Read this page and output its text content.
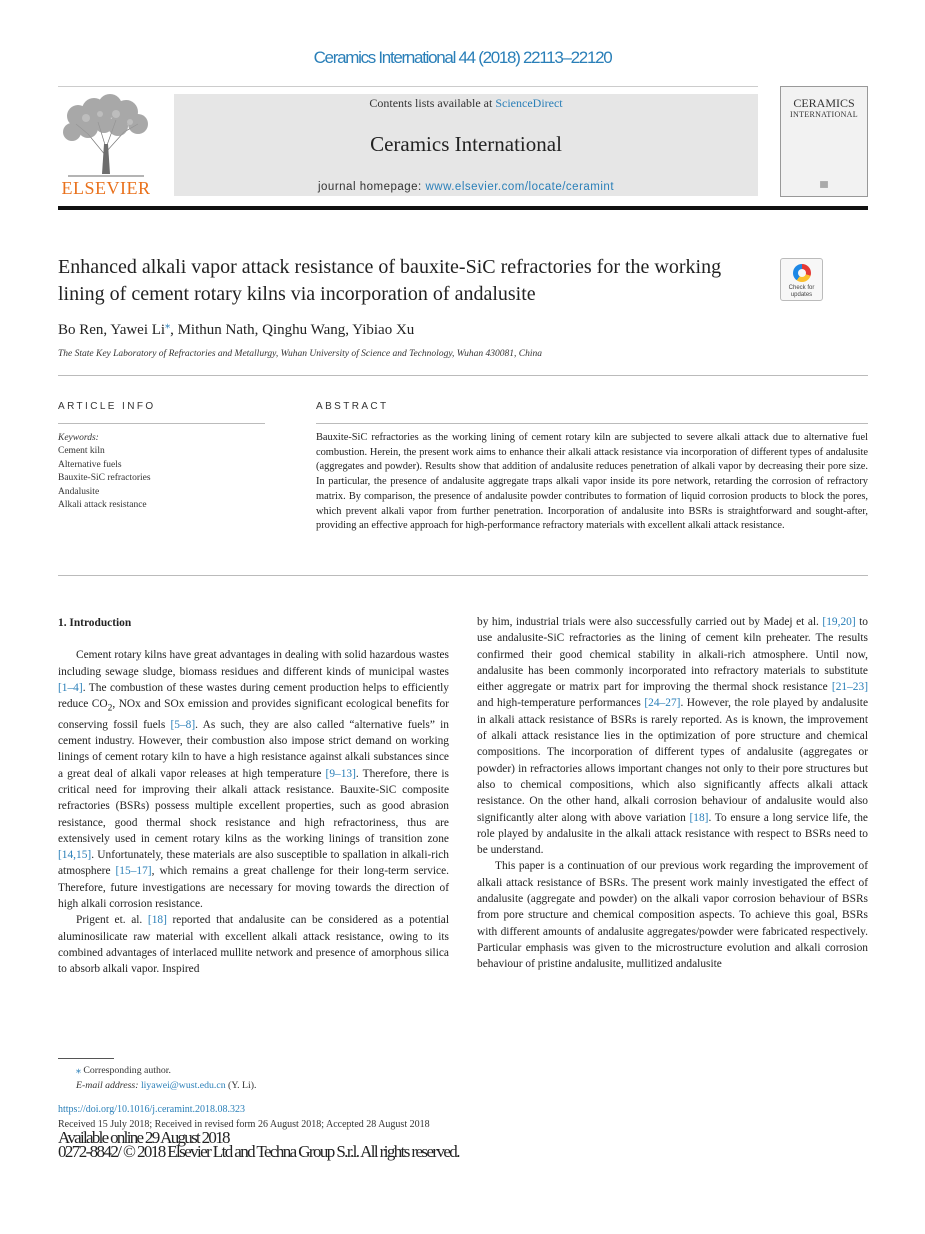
Ceramics International 44 (2018) 22113–22120
ELSEVIER
Contents lists available at ScienceDirect
Ceramics International
journal homepage: www.elsevier.com/locate/ceramint
CERAMICS
INTERNATIONAL
Enhanced alkali vapor attack resistance of bauxite-SiC refractories for the working lining of cement rotary kilns via incorporation of andalusite	Check for
updates
Bo Ren, Yawei Li⁎, Mithun Nath, Qinghu Wang, Yibiao Xu
The State Key Laboratory of Refractories and Metallurgy, Wuhan University of Science and Technology, Wuhan 430081, China
ARTICLE INFO	ABSTRACT
Keywords:
Cement kiln
Alternative fuels
Bauxite-SiC refractories
Andalusite
Alkali attack resistance
Bauxite-SiC refractories as the working lining of cement rotary kiln are subjected to severe alkali attack due to alternative fuel combustion. Herein, the present work aims to enhance their alkali attack resistance via incorporation of different types of andalusite (aggregates and powder). Results show that addition of andalusite reduces penetration of alkali vapor by decreasing their pore size. In particular, the presence of andalusite aggregate traps alkali vapor inside its pore network, retarding the corrosion of refractory matrix. By comparison, the presence of andalusite powder contributes to formation of liquid corrosion products to block the pores, which prevent alkali vapor from further penetration. Incorporation of andalusite into BSRs is straightforward and sought-after, providing an effective approach for high-performance refractory materials with excellent alkali attack resistance.
1. Introduction

Cement rotary kilns have great advantages in dealing with solid hazardous wastes including sewage sludge, biomass residues and different kinds of municipal wastes [1–4]. The combustion of these wastes during cement production helps to efficiently reduce $CO_2$, NOx and SOx emission and provides significant ecological benefits for conserving fossil fuels [5–8]. As such, they are also called “alternative fuels” in cement industry. However, their combustion also impose strict demand on working linings of cement rotary kiln to have a high resistance against alkali substances since a great deal of alkali vapor releases at high temperature [9–13]. Therefore, there is critical need for improving their alkali attack resistance. Bauxite-SiC composite refractories (BSRs) possess multiple excellent properties, such as good abrasion resistance, good thermal shock resistance and high refractoriness, thus are extensively used in cement rotary kilns as the working linings of transition zone [14,15]. Unfortunately, these materials are also susceptible to spallation in alkali-rich atmosphere [15–17], which remains a great challenge for their long-term service. Therefore, future investigations are necessary for moving towards the direction of high alkali corrosion resistance.

Prigent et. al. [18] reported that andalusite can be considered as a potential aluminosilicate raw material with excellent alkali attack resistance, owing to its combined advantages of interlaced mullite network and presence of amorphous silica to absorb alkali vapor. Inspired

by him, industrial trials were also successfully carried out by Madej et al. [19,20] to use andalusite-SiC refractories as the lining of cement kiln preheater. The results confirmed their good chemical stability in alkali-rich atmosphere. Until now, andalusite has been commonly incorporated into refractory materials to substitute either aggregate or matrix part for improving the thermal shock resistance [21–23] and high-temperature performances [24–27]. However, the role played by andalusite in alkali attack resistance of BSRs is rarely reported. As is known, the improvement of alkali attack resistance lies in the optimization of pore structure and chemical compositions. The incorporation of different types of andalusite (aggregates or powder) in refractories allows important changes not only to their pore structures but also to chemical compositions, which also significantly affects alkali attack resistance. On the other hand, alkali corrosion behaviour of andalusite would also significantly alter along with above variation [18]. To ensure a long service life, the role played by andalusite in the alkali attack resistance with respect to BSRs need to be understand.

This paper is a continuation of our previous work regarding the improvement of alkali attack resistance of BSRs. The present work mainly investigated the effect of andalusite (aggregate and powder) on the alkali vapor corrosion behaviour of BSRs from pore structure and chemical composition aspects. To achieve this goal, BSRs with different amounts of andalusite aggregates/powder were fabricated respectively. Particular emphasis was given to the microstructure evolution and alkali corrosion behaviour of pristine andalusite, mullitized andalusite

⁎ Corresponding author.
E-mail address: liyawei@wust.edu.cn (Y. Li).
https://doi.org/10.1016/j.ceramint.2018.08.323
Received 15 July 2018; Received in revised form 26 August 2018; Accepted 28 August 2018
Available online 29 August 2018
0272-8842/ © 2018 Elsevier Ltd and Techna Group S.r.l. All rights reserved.
